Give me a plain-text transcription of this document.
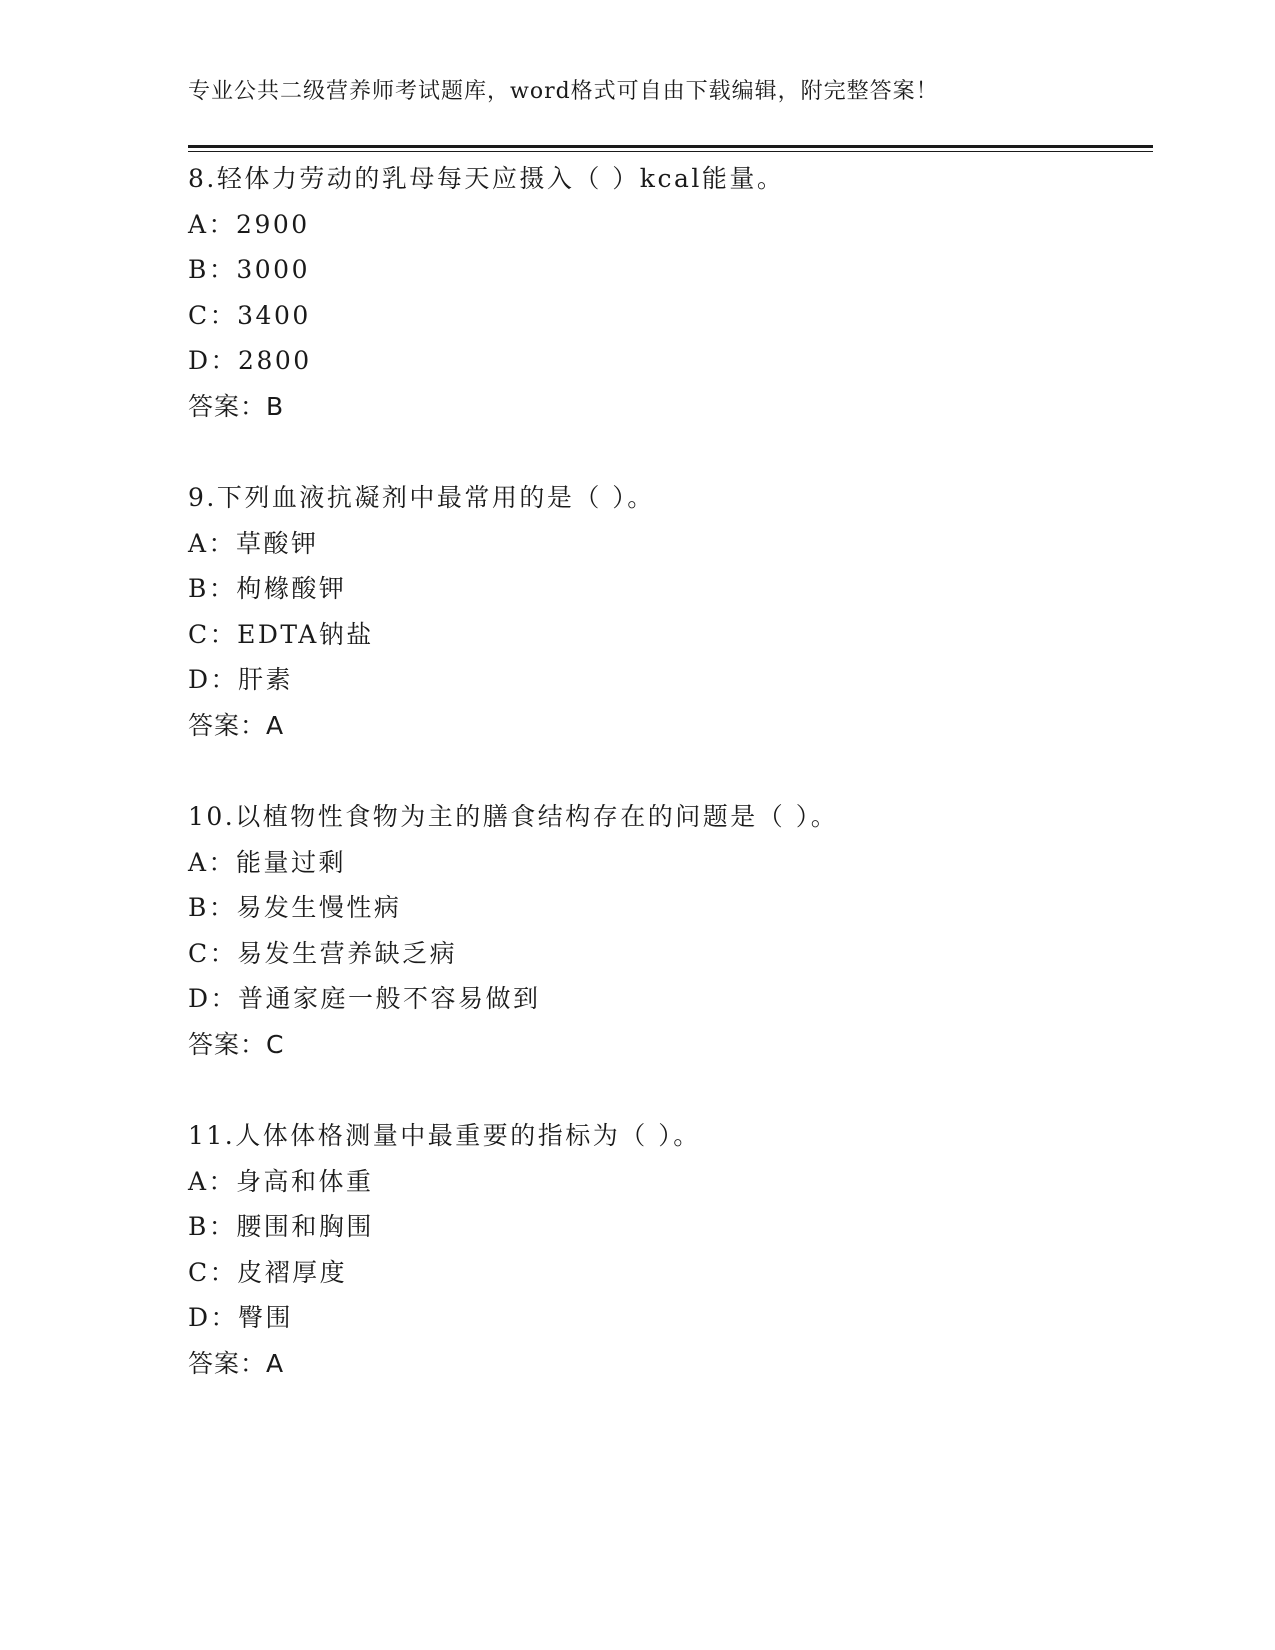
专业公共二级营养师考试题库，word格式可自由下载编辑，附完整答案！
8.轻体力劳动的乳母每天应摄入（ ）kcal能量。
A：2900
B：3000
C：3400
D：2800
答案：B
9.下列血液抗凝剂中最常用的是（ ）。
A：草酸钾
B：枸橼酸钾
C：EDTA钠盐
D：肝素
答案：A
10.以植物性食物为主的膳食结构存在的问题是（ ）。
A：能量过剩
B：易发生慢性病
C：易发生营养缺乏病
D：普通家庭一般不容易做到
答案：C
11.人体体格测量中最重要的指标为（ ）。
A：身高和体重
B：腰围和胸围
C：皮褶厚度
D：臀围
答案：A
